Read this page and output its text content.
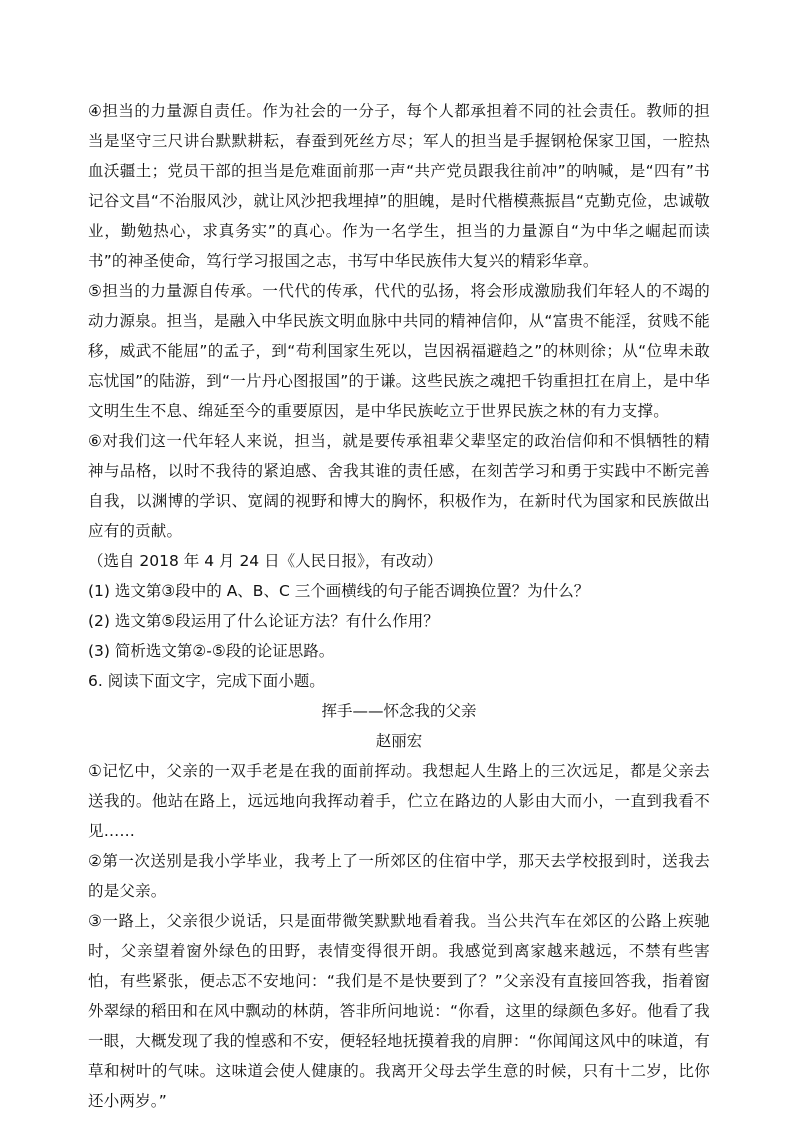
④担当的力量源自责任。作为社会的一分子，每个人都承担着不同的社会责任。教师的担当是坚守三尺讲台默默耕耘，春蚕到死丝方尽；军人的担当是手握钢枪保家卫国，一腔热血沃疆土；党员干部的担当是危难面前那一声“共产党员跟我往前冲”的呐喊，是“四有”书记谷文昌“不治服风沙，就让风沙把我埋掉”的胆魄，是时代楷模燕振昌“克勤克俭，忠诚敬业，勤勉热心，求真务实”的真心。作为一名学生，担当的力量源自“为中华之崛起而读书”的神圣使命，笃行学习报国之志，书写中华民族伟大复兴的精彩华章。

⑤担当的力量源自传承。一代代的传承，代代的弘扬，将会形成激励我们年轻人的不竭的动力源泉。担当，是融入中华民族文明血脉中共同的精神信仰，从“富贵不能淫，贫贱不能移，威武不能屈”的孟子，到“苟利国家生死以，岂因祸福避趋之”的林则徐；从“位卑未敢忘忧国”的陆游，到“一片丹心图报国”的于谦。这些民族之魂把千钧重担扛在肩上，是中华文明生生不息、绵延至今的重要原因，是中华民族屹立于世界民族之林的有力支撑。

⑥对我们这一代年轻人来说，担当，就是要传承祖辈父辈坚定的政治信仰和不惧牺牲的精神与品格，以时不我待的紧迫感、舍我其谁的责任感，在刻苦学习和勇于实践中不断完善自我，以渊博的学识、宽阔的视野和博大的胸怀，积极作为，在新时代为国家和民族做出应有的贡献。

（选自 2018 年 4 月 24 日《人民日报》，有改动）

(1) 选文第③段中的 A、B、C 三个画横线的句子能否调换位置？为什么？

(2) 选文第⑤段运用了什么论证方法？有什么作用？

(3) 简析选文第②-⑤段的论证思路。

6. 阅读下面文字，完成下面小题。

挥手——怀念我的父亲

赵丽宏

①记忆中，父亲的一双手老是在我的面前挥动。我想起人生路上的三次远足，都是父亲去送我的。他站在路上，远远地向我挥动着手，伫立在路边的人影由大而小，一直到我看不见……

②第一次送别是我小学毕业，我考上了一所郊区的住宿中学，那天去学校报到时，送我去的是父亲。

③一路上，父亲很少说话，只是面带微笑默默地看着我。当公共汽车在郊区的公路上疾驰时，父亲望着窗外绿色的田野，表情变得很开朗。我感觉到离家越来越远，不禁有些害怕，有些紧张，便忐忑不安地问：“我们是不是快要到了？”父亲没有直接回答我，指着窗外翠绿的稻田和在风中飘动的林荫，答非所问地说：“你看，这里的绿颜色多好。他看了我一眼，大概发现了我的惶惑和不安，便轻轻地抚摸着我的肩胛：“你闻闻这风中的味道，有草和树叶的气味。这味道会使人健康的。我离开父母去学生意的时候，只有十二岁，比你还小两岁。”
